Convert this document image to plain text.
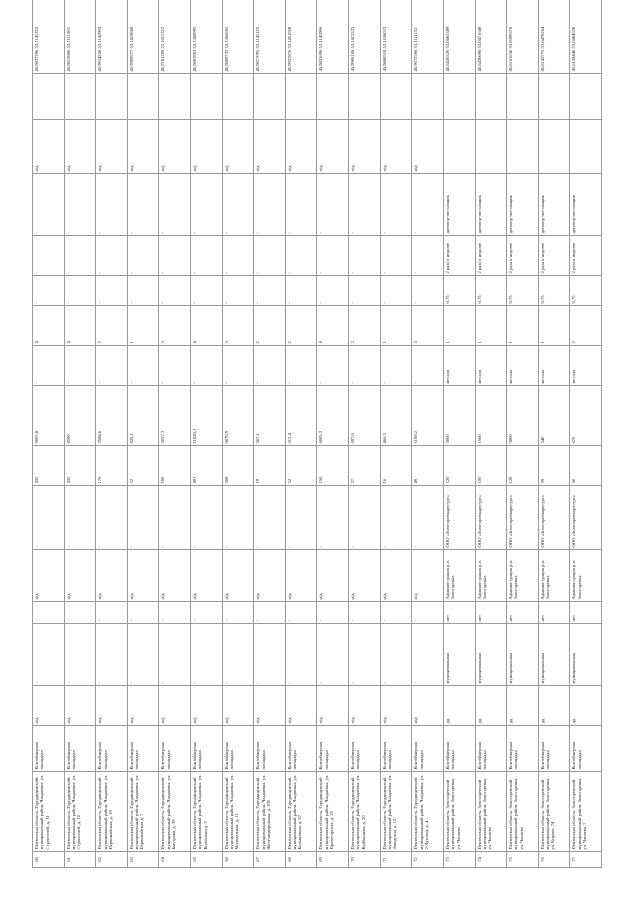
60	Пензенская область, Городищенский муниципальный район, Чаадаевка, ул. Строителей, д. 11	Контейнерная площадка	н/д	-	-	н/д	-	435	9005,8	-	4	-	-	-	н/д		45,9827296 53,1141352
61	Пензенская область, Городищенский муниципальный район, Чаадаевка, ул. Строителей, д. 10	Контейнерная площадка	н/д	-	-	н/д	-	435	8590	-	4	-	-	-	н/д		45,9812806 53,1111362
62	Пензенская область, Городищенский муниципальный район, Чаадаевка, ул. Первомайская, д. 19	Контейнерная площадка	н/д	-	-	н/д	-	176	3588,6	-	3	-	-	-	н/д		45,9914526 53,1141993
63	Пензенская область, Городищенский муниципальный район, Чаадаевка, ул. Первомайская д. 7	Контейнерная площадка	н/д	-	-	н/д	-	52	920,1	-	1	-	-	-	н/д		45,9909577 53,1419860
64	Пензенская область, Городищенский муниципальный район, Чаадаевка, ул. Быстрова, д. 39	Контейнерная площадка	н/д	-	-	н/д	-	100	2057,3	-	3	-	-	-	н/д		45,9761296 53,1611352
65	Пензенская область, Городищенский муниципальный район, Чаадаевка, ул. Колхозная д. 5	Контейнерная площадка	н/д	-	-	н/д	-	491	11820,1	-	4	-	-	-	н/д		45,9803903 53,1368995
66	Пензенская область, Городищенский муниципальный район, Чаадаевка, ул. Молодёжная, д. 11	Контейнерная площадка	н/д	-	-	н/д	-	288	6670,9	-	3	-	-	-	н/д		45,9809732 53,1366665
67	Пензенская область, Городищенский муниципальный район, Чаадаевка, ул. Железнодорожная, д. 195	Контейнерная площадка	н/д	-	-	н/д	-	19	367,1	-	2	-	-	-	н/д		45,9817095 53,1141125
68	Пензенская область, Городищенский муниципальный район, Чаадаевка, ул. Больничная, д. 67	Контейнерная площадка	н/д	-	-	н/д	-	52	312,4	-	2	-	-	-	н/д		45,9937876 53,1451858
69	Пензенская область, Городищенский муниципальный район, Чаадаевка, ул. Пролетарская, д. 35	Контейнерная площадка	н/д	-	-	н/д	-	150	6085,3	-	4	-	-	-	н/д		45,9831696 53,1141986
70	Пензенская область, Городищенский муниципальный район, Чаадаевка, ул. Куйбышева, д. 20	Контейнерная площадка	н/д	-	-	н/д	-	37	697,8	-	2	-	-	-	н/д		45,9908106 53,1413225
71	Пензенская область, Городищенский муниципальный район, Чаадаевка, ул. Заводская, д. 12	Контейнерная площадка	н/д	-	-	н/д	-	16	466,3	-	1	-	-	-	н/д		45,9888518 53,1106033
72	Пензенская область, Городищенский муниципальный район, Чаадаевка, ул. 2-Луговая, д. 4	Контейнерная площадка	н/д	-	-	н/д	-	49	1108,2	-	3	-	-	-	н/д		45,9672596 53,1111152
73	Пензенская область, Золотаревский муниципальный район, Золотаревка, ул. Чапаева	Контейнерная площадка	дд	муниципальная	нет	Администрация р.п. Золотаревка	ООО «Золотаревкаресурс»	120	3800	металл	1	0,75	2 раза в неделю	договор-поставщик			45,6430320 53,0465389
74	Пензенская область, Золотаревский муниципальный район, Золотаревка, ул. Чапаева	Контейнерная площадка	дд	муниципальная	нет	Администрация р.п. Золотаревка	ООО «Золотаревкаресурс»	100	1560	металл	1	0,75	2 раза в неделю	договор-поставщик			45,6430690 53,0471649
75	Пензенская область, Золотаревский муниципальный район, Золотаревка, ул. Чапаева	Контейнерная площадка	дд	муниципальная	нет	Администрация р.п. Золотаревка	ООО «Золотаревкаресурс»	120	3800	металл	1	0,75	2 раза в неделю	договор-поставщик			45,6161630 53,0399376
76	Пензенская область, Золотаревский муниципальный район, Золотаревка, ул. Кирова, 74	Контейнерная площадка	дд	муниципальная	нет	Администрация р.п. Золотаревка	ООО «Золотаревкаресурс»	39	340	металл	1	0,75	2 раза в неделю	договор-поставщик			45,6143775 53,0478264
77	Пензенская область, Золотаревский муниципальный район, Золотаревка, ул. Чапаева, 7	Контейнерная площадка	дд	муниципальная	нет	Администрация р.п. Золотаревка	ООО «Золотаревкаресурс»	50	670	металл	2	0,75	2 раза в неделю	договор-поставщик			45,6138440 53,0464628
